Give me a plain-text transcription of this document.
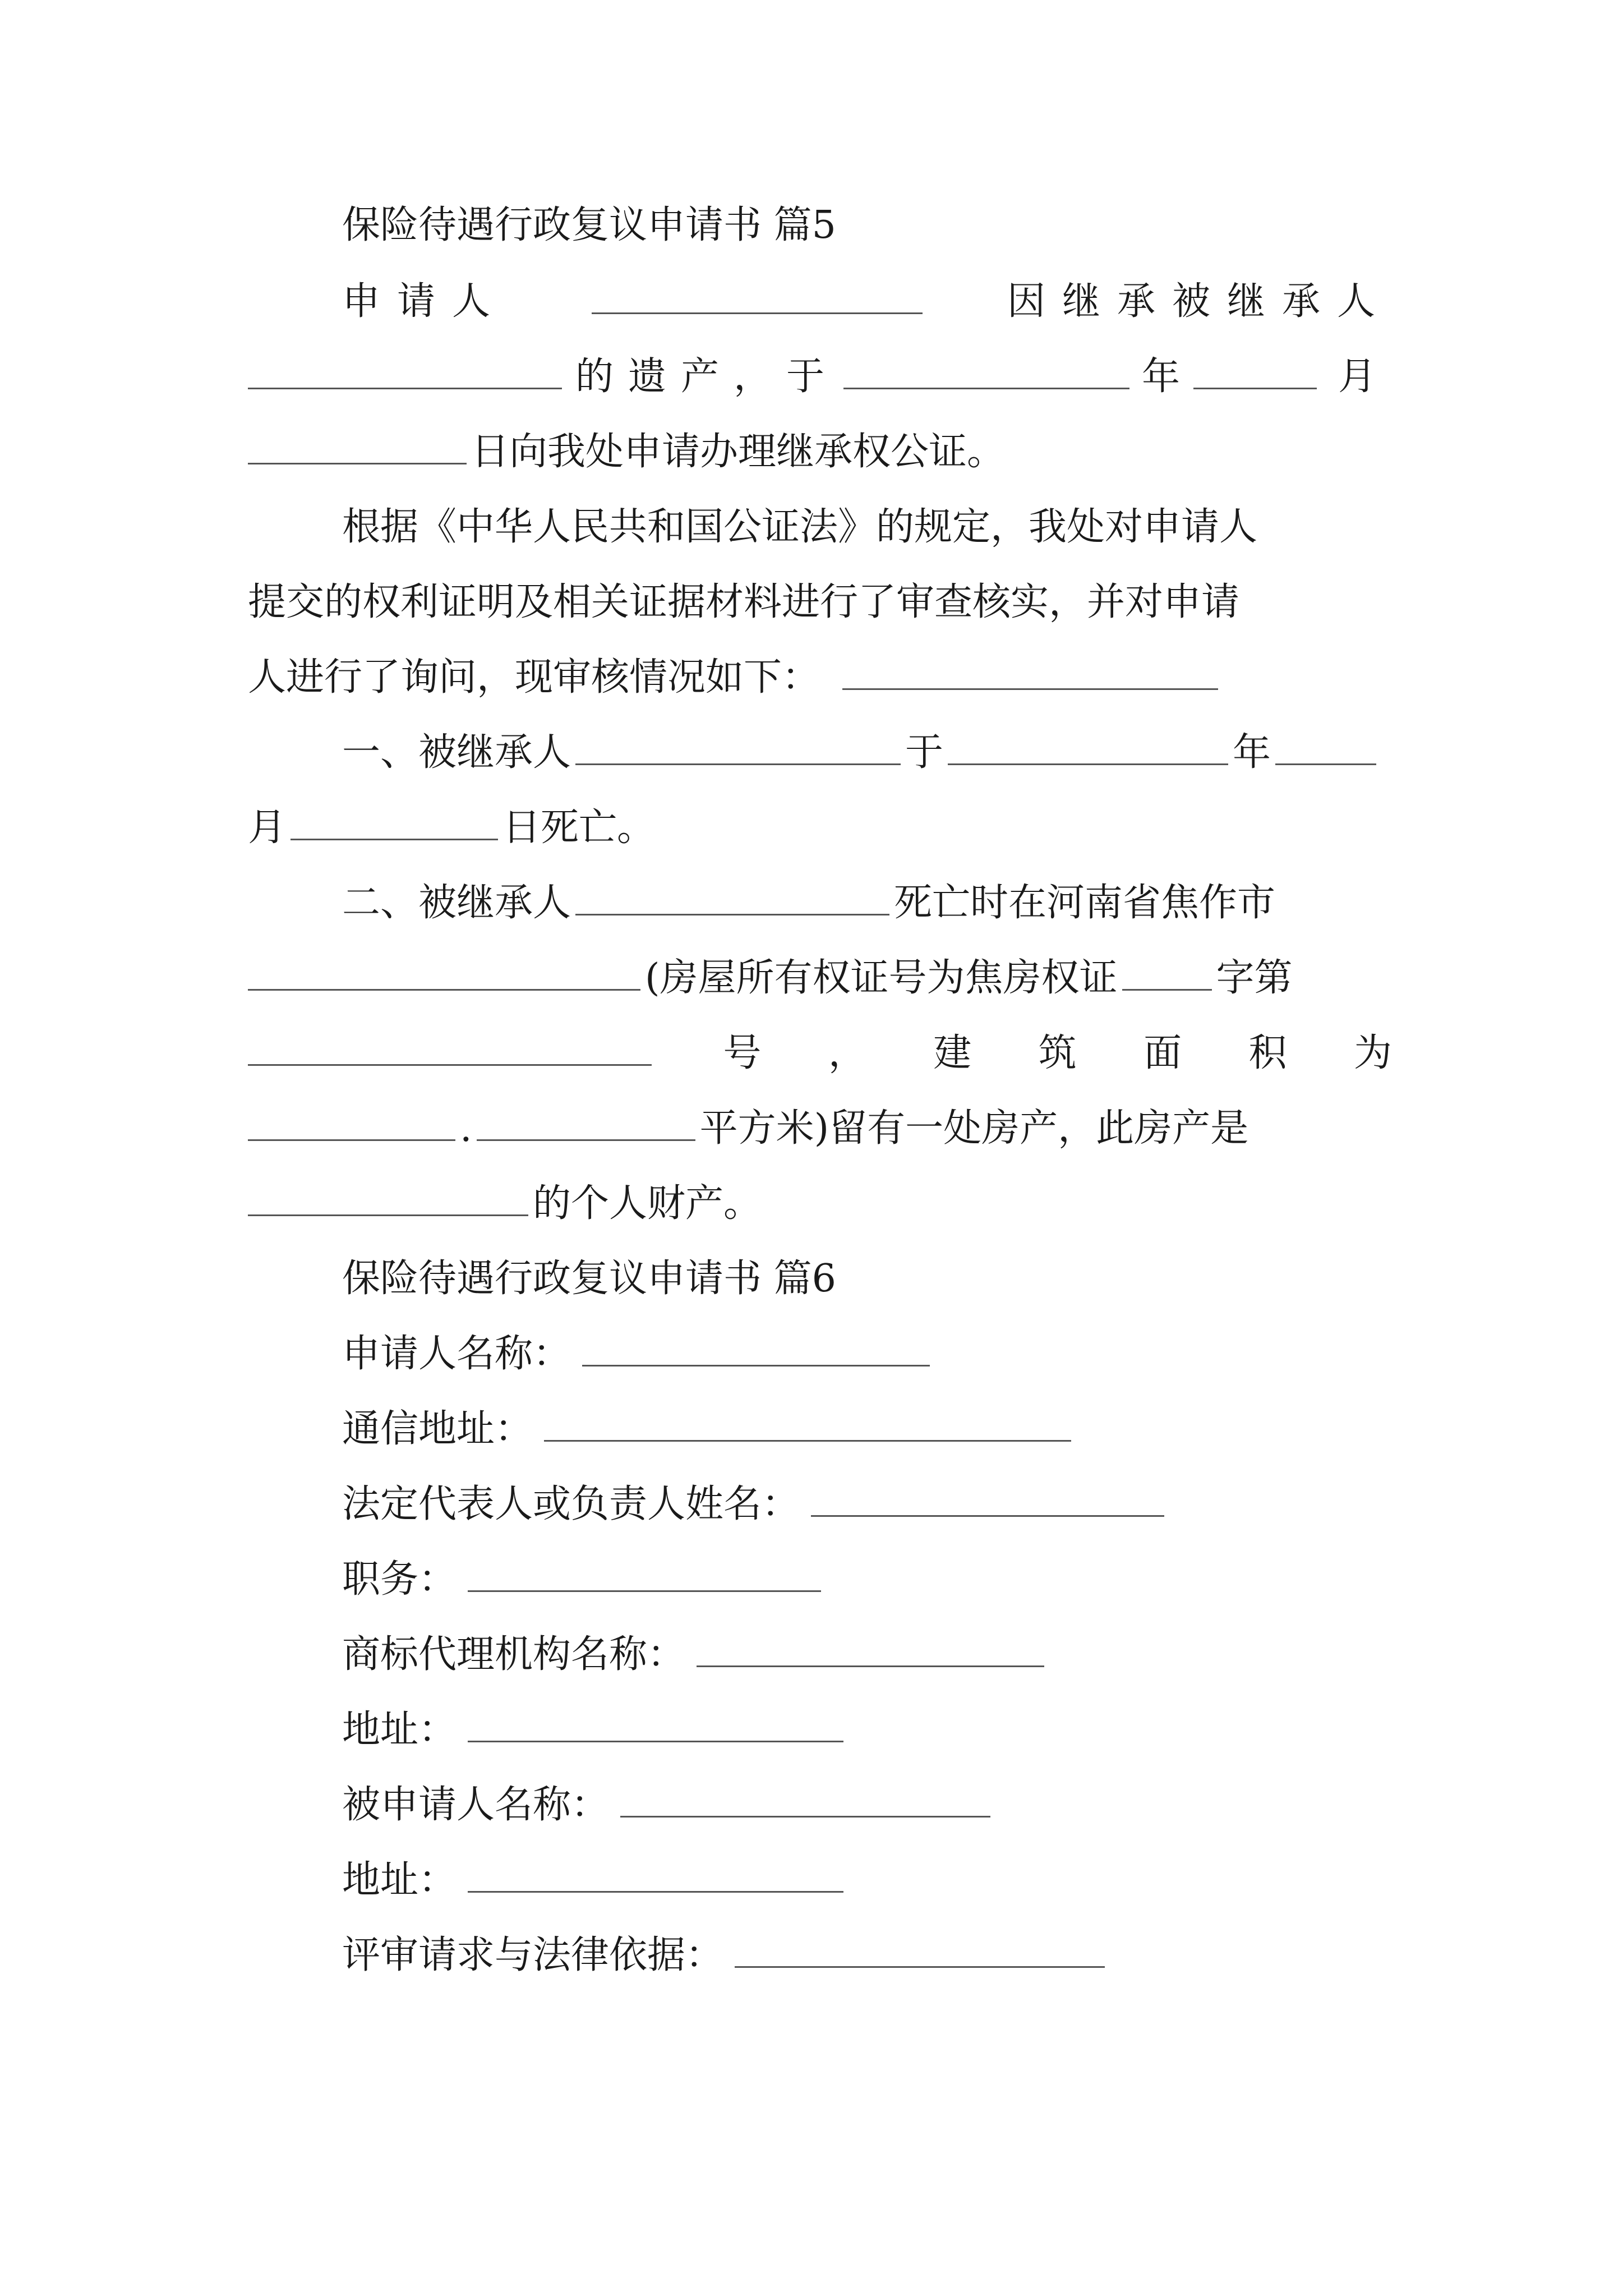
保险待遇行政复议申请书 篇5
申请人	因继承被继承人
的遗产，于	年	月
日向我处申请办理继承权公证。
根据《中华人民共和国公证法》的规定，我处对申请人
提交的权利证明及相关证据材料进行了审查核实，并对申请
人进行了询问，现审核情况如下：
一、被继承人	于	年
月	日死亡。
二、被继承人	死亡时在河南省焦作市
(房屋所有权证号为焦房权证	字第
号 ， 建 筑 面 积 为
.	平方米)留有一处房产，此房产是
的个人财产。
保险待遇行政复议申请书 篇6
申请人名称：
通信地址：
法定代表人或负责人姓名：
职务：
商标代理机构名称：
地址：
被申请人名称：
地址：
评审请求与法律依据：
